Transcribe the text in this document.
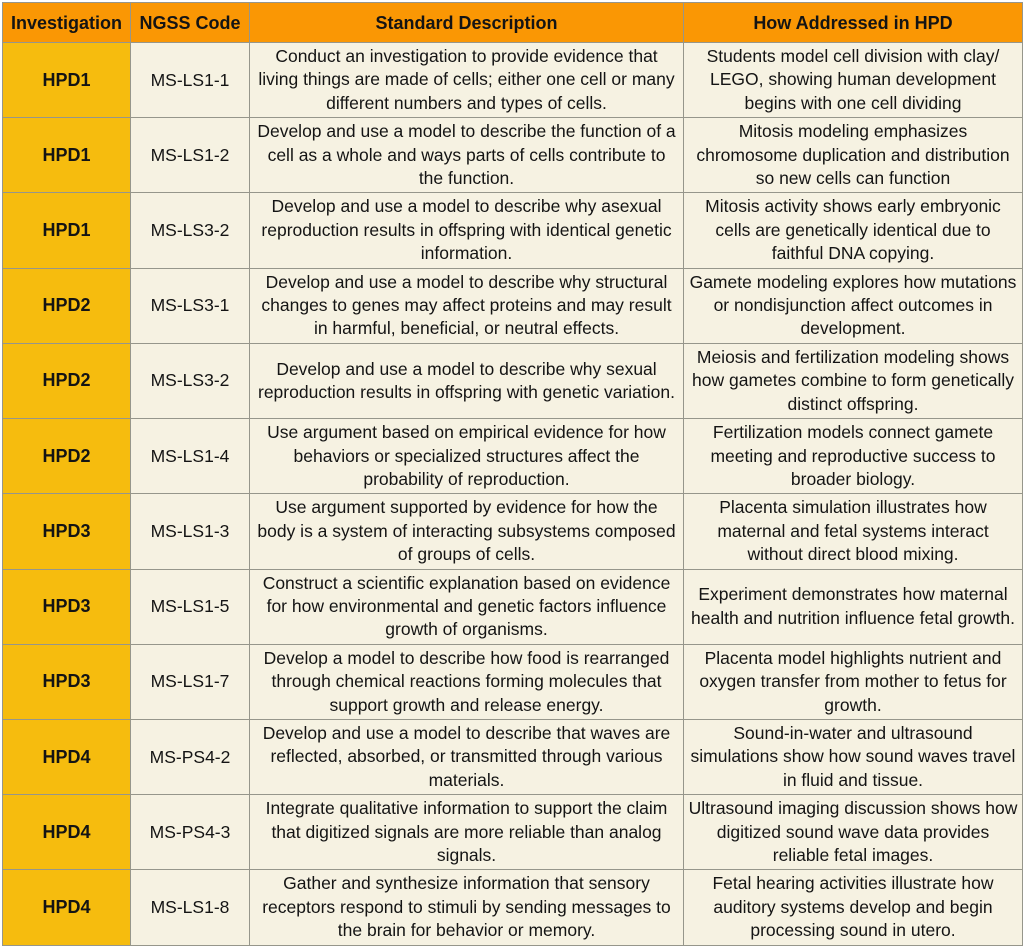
Investigation	NGSS Code	Standard Description	How Addressed in HPD
HPD1	MS-LS1-1	Conduct an investigation to provide evidence that living things are made of cells; either one cell or many different numbers and types of cells.	Students model cell division with clay/ LEGO, showing human development begins with one cell dividing
HPD1	MS-LS1-2	Develop and use a model to describe the function of a cell as a whole and ways parts of cells contribute to the function.	Mitosis modeling emphasizes chromosome duplication and distribution so new cells can function
HPD1	MS-LS3-2	Develop and use a model to describe why asexual reproduction results in offspring with identical genetic information.	Mitosis activity shows early embryonic cells are genetically identical due to faithful DNA copying.
HPD2	MS-LS3-1	Develop and use a model to describe why structural changes to genes may affect proteins and may result in harmful, beneficial, or neutral effects.	Gamete modeling explores how mutations or nondisjunction affect outcomes in development.
HPD2	MS-LS3-2	Develop and use a model to describe why sexual reproduction results in offspring with genetic variation.	Meiosis and fertilization modeling shows how gametes combine to form genetically distinct offspring.
HPD2	MS-LS1-4	Use argument based on empirical evidence for how behaviors or specialized structures affect the probability of reproduction.	Fertilization models connect gamete meeting and reproductive success to broader biology.
HPD3	MS-LS1-3	Use argument supported by evidence for how the body is a system of interacting subsystems composed of groups of cells.	Placenta simulation illustrates how maternal and fetal systems interact without direct blood mixing.
HPD3	MS-LS1-5	Construct a scientific explanation based on evidence for how environmental and genetic factors influence growth of organisms.	Experiment demonstrates how maternal health and nutrition influence fetal growth.
HPD3	MS-LS1-7	Develop a model to describe how food is rearranged through chemical reactions forming molecules that support growth and release energy.	Placenta model highlights nutrient and oxygen transfer from mother to fetus for growth.
HPD4	MS-PS4-2	Develop and use a model to describe that waves are reflected, absorbed, or transmitted through various materials.	Sound-in-water and ultrasound simulations show how sound waves travel in fluid and tissue.
HPD4	MS-PS4-3	Integrate qualitative information to support the claim that digitized signals are more reliable than analog signals.	Ultrasound imaging discussion shows how digitized sound wave data provides reliable fetal images.
HPD4	MS-LS1-8	Gather and synthesize information that sensory receptors respond to stimuli by sending messages to the brain for behavior or memory.	Fetal hearing activities illustrate how auditory systems develop and begin processing sound in utero.
